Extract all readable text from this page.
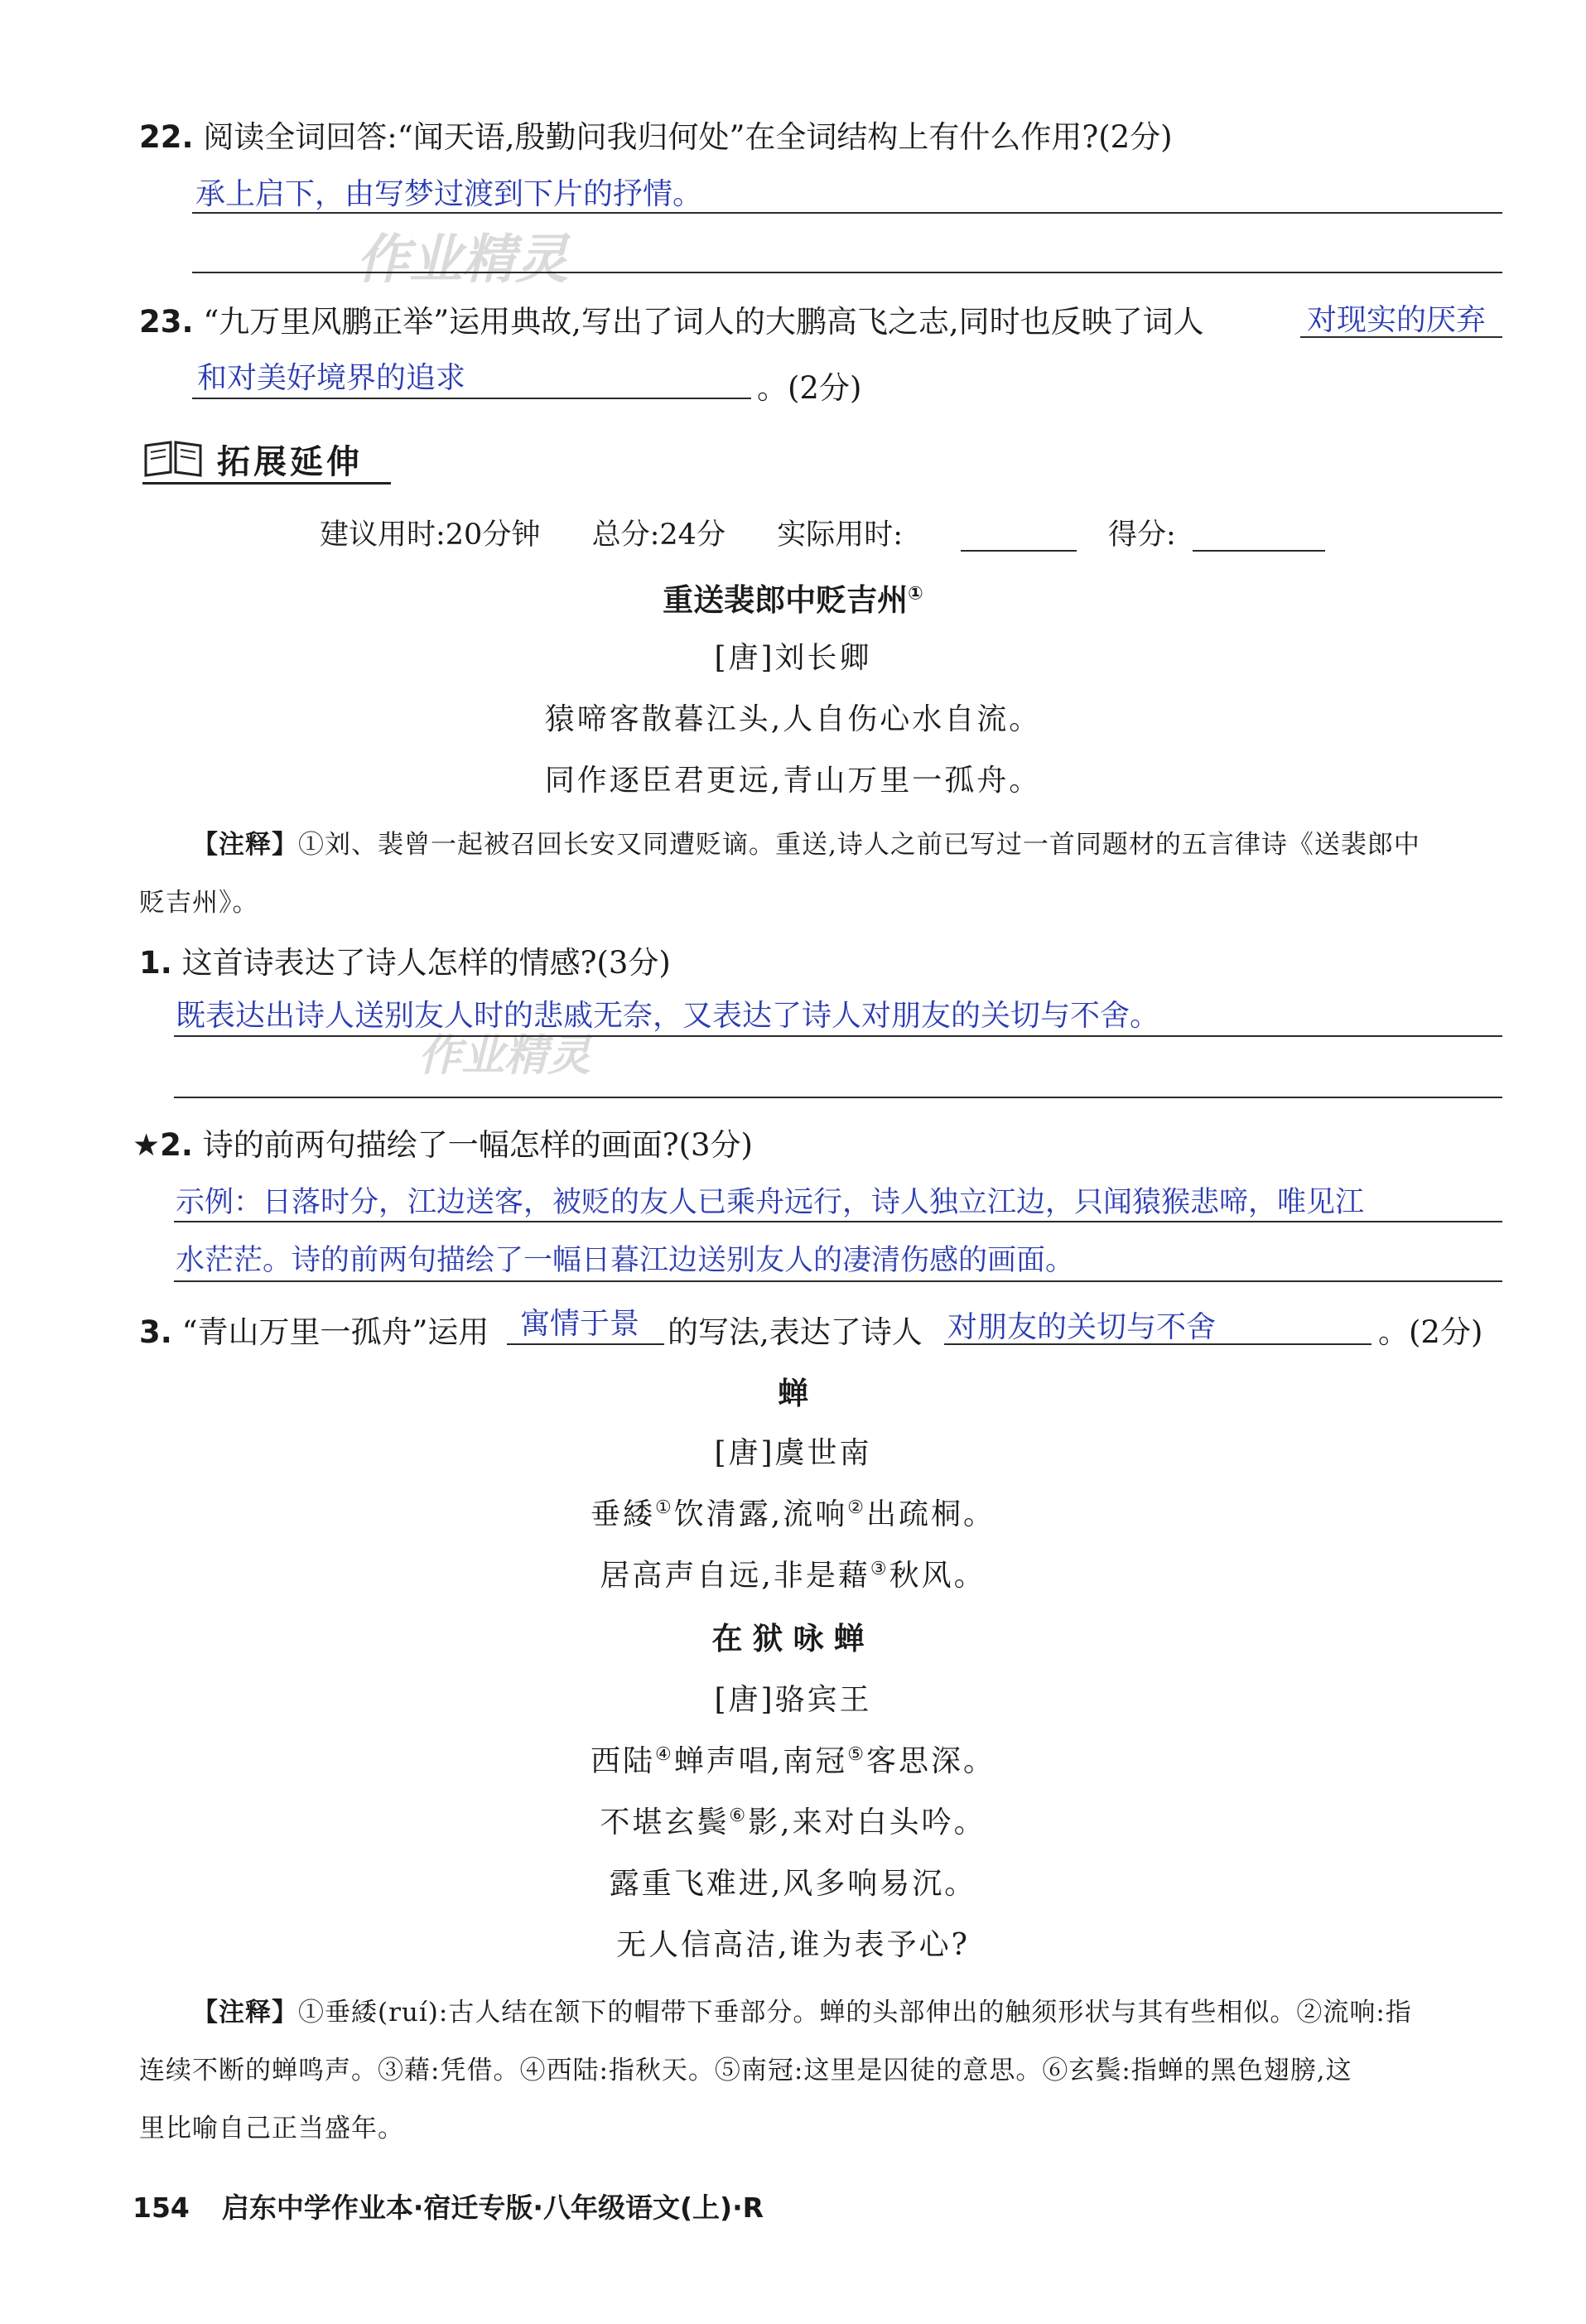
作业精灵
作业精灵
22. 阅读全词回答:“闻天语,殷勤问我归何处”在全词结构上有什么作用?(2分)
承上启下，由写梦过渡到下片的抒情。
23. “九万里风鹏正举”运用典故,写出了词人的大鹏高飞之志,同时也反映了词人	对现实的厌弃
和对美好境界的追求	。(2分)
拓展延伸
建议用时:20分钟 总分:24分 实际用时:	得分:
重送裴郎中贬吉州①
[唐]刘长卿
猿啼客散暮江头,人自伤心水自流。
同作逐臣君更远,青山万里一孤舟。
【注释】①刘、裴曾一起被召回长安又同遭贬谪。重送,诗人之前已写过一首同题材的五言律诗《送裴郎中
贬吉州》。
1. 这首诗表达了诗人怎样的情感?(3分)
既表达出诗人送别友人时的悲戚无奈，又表达了诗人对朋友的关切与不舍。
★2. 诗的前两句描绘了一幅怎样的画面?(3分)
示例：日落时分，江边送客，被贬的友人已乘舟远行，诗人独立江边，只闻猿猴悲啼，唯见江
水茫茫。诗的前两句描绘了一幅日暮江边送别友人的凄清伤感的画面。
3. “青山万里一孤舟”运用 寓情于景 的写法,表达了诗人 对朋友的关切与不舍	。(2分)
蝉
[唐]虞世南
垂緌①饮清露,流响②出疏桐。
居高声自远,非是藉③秋风。
在狱咏蝉
[唐]骆宾王
西陆④蝉声唱,南冠⑤客思深。
不堪玄鬓⑥影,来对白头吟。
露重飞难进,风多响易沉。
无人信高洁,谁为表予心?
【注释】①垂緌(ruí):古人结在颔下的帽带下垂部分。蝉的头部伸出的触须形状与其有些相似。②流响:指
连续不断的蝉鸣声。③藉:凭借。④西陆:指秋天。⑤南冠:这里是囚徒的意思。⑥玄鬓:指蝉的黑色翅膀,这
里比喻自己正当盛年。
154 启东中学作业本·宿迁专版·八年级语文(上)·R
